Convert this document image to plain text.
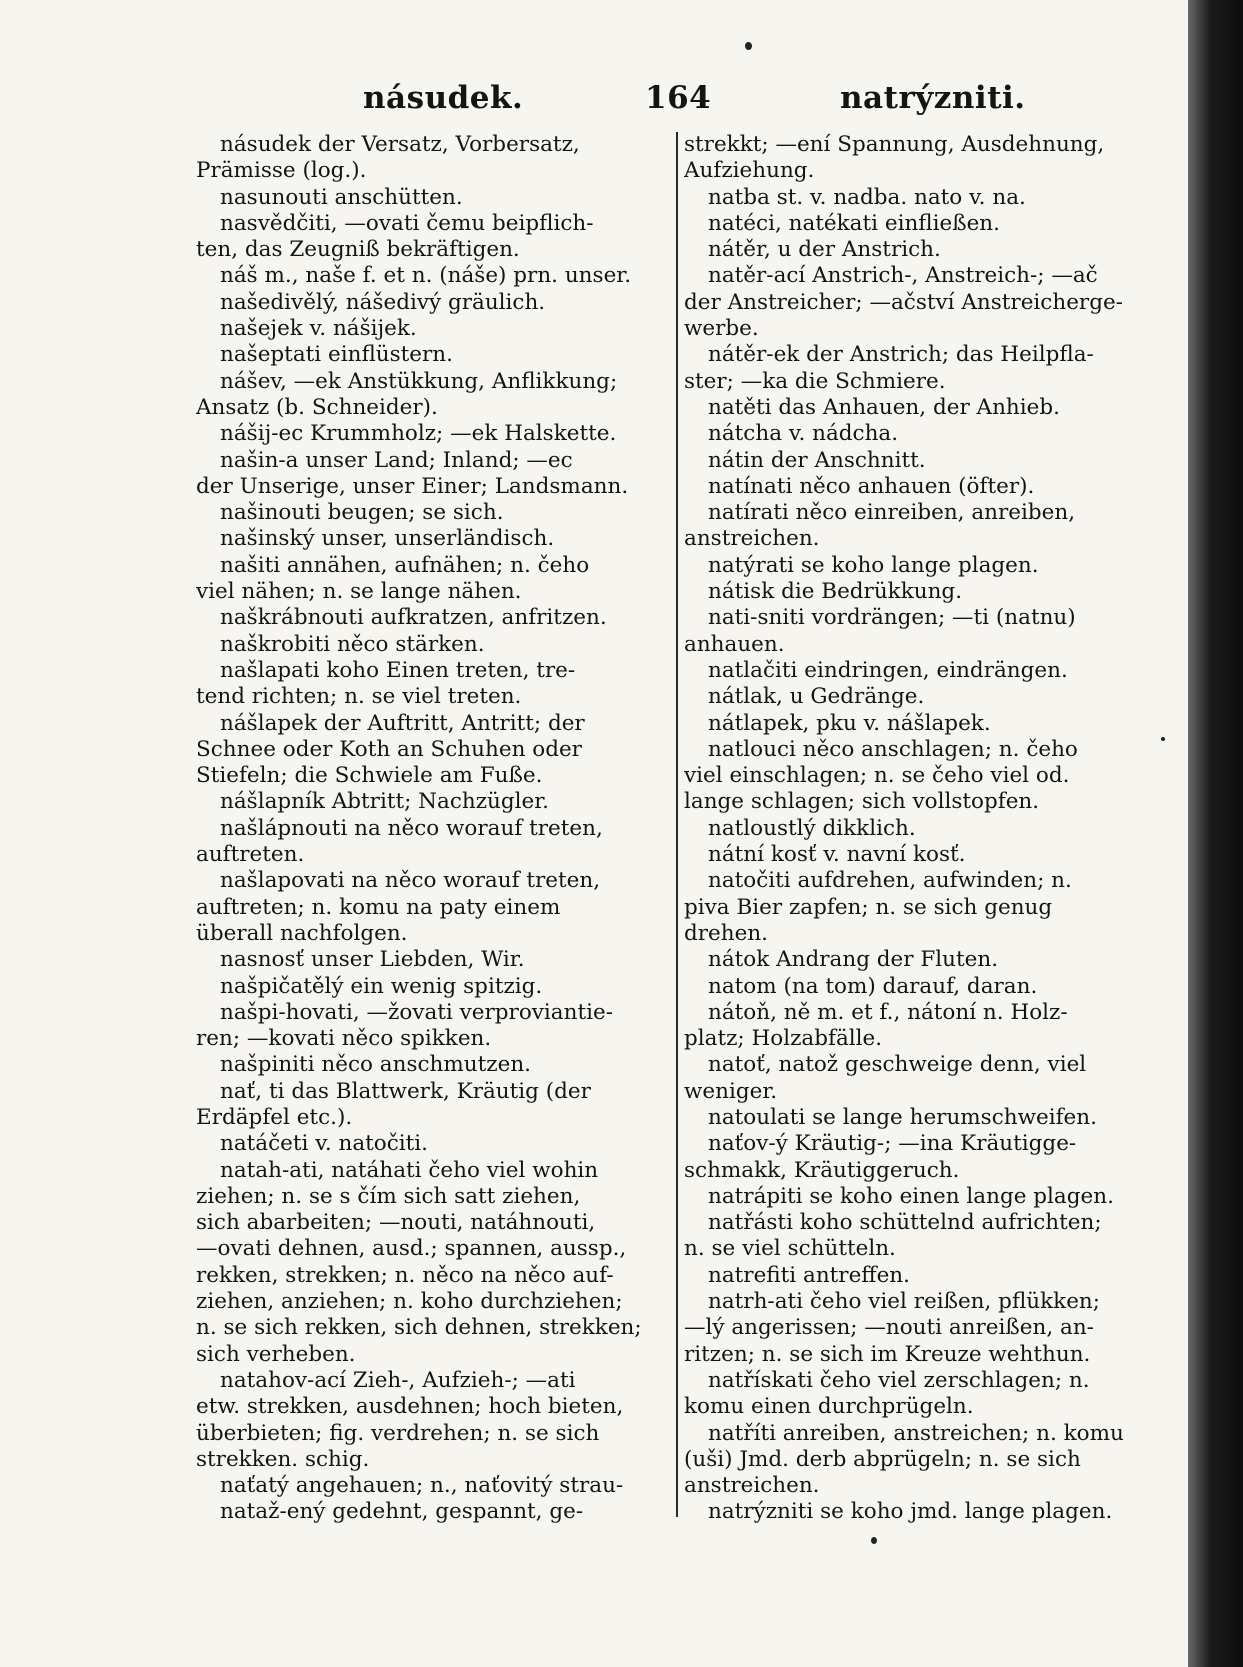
násudek.	164	natrýzniti.
násudek der Versatz, Vorbersatz,
Prämisse (log.).
nasunouti anschütten.
nasvědčiti, —ovati čemu beipflich-
ten, das Zeugniß bekräftigen.
náš m., naše f. et n. (náše) prn. unser.
našedivělý, nášedivý gräulich.
našejek v. nášijek.
našeptati einflüstern.
nášev, —ek Anstükkung, Anflikkung;
Ansatz (b. Schneider).
nášij-ec Krummholz; —ek Halskette.
našin-a unser Land; Inland; —ec
der Unserige, unser Einer; Landsmann.
našinouti beugen; se sich.
našinský unser, unserländisch.
našiti annähen, aufnähen; n. čeho
viel nähen; n. se lange nähen.
naškrábnouti aufkratzen, anfritzen.
naškrobiti něco stärken.
našlapati koho Einen treten, tre-
tend richten; n. se viel treten.
nášlapek der Auftritt, Antritt; der
Schnee oder Koth an Schuhen oder
Stiefeln; die Schwiele am Fuße.
nášlapník Abtritt; Nachzügler.
našlápnouti na něco worauf treten,
auftreten.
našlapovati na něco worauf treten,
auftreten; n. komu na paty einem
überall nachfolgen.
nasnosť unser Liebden, Wir.
našpičatělý ein wenig spitzig.
našpi-hovati, —žovati verproviantie-
ren; —kovati něco spikken.
našpiniti něco anschmutzen.
nať, ti das Blattwerk, Kräutig (der
Erdäpfel etc.).
natáčeti v. natočiti.
natah-ati, natáhati čeho viel wohin
ziehen; n. se s čím sich satt ziehen,
sich abarbeiten; —nouti, natáhnouti,
—ovati dehnen, ausd.; spannen, aussp.,
rekken, strekken; n. něco na něco auf-
ziehen, anziehen; n. koho durchziehen;
n. se sich rekken, sich dehnen, strekken;
sich verheben.
natahov-ací Zieh-, Aufzieh-; —ati
etw. strekken, ausdehnen; hoch bieten,
überbieten; fig. verdrehen; n. se sich
strekken. schig.
naťatý angehauen; n., naťovitý strau-
nataž-ený gedehnt, gespannt, ge-
strekkt; —ení Spannung, Ausdehnung,
Aufziehung.
natba st. v. nadba. nato v. na.
natéci, natékati einfließen.
nátěr, u der Anstrich.
natěr-ací Anstrich-, Anstreich-; —ač
der Anstreicher; —ačství Anstreicherge-
werbe.
nátěr-ek der Anstrich; das Heilpfla-
ster; —ka die Schmiere.
natěti das Anhauen, der Anhieb.
nátcha v. nádcha.
nátin der Anschnitt.
natínati něco anhauen (öfter).
natírati něco einreiben, anreiben,
anstreichen.
natýrati se koho lange plagen.
nátisk die Bedrükkung.
nati-sniti vordrängen; —ti (natnu)
anhauen.
natlačiti eindringen, eindrängen.
nátlak, u Gedränge.
nátlapek, pku v. nášlapek.
natlouci něco anschlagen; n. čeho
viel einschlagen; n. se čeho viel od.
lange schlagen; sich vollstopfen.
natloustlý dikklich.
nátní kosť v. navní kosť.
natočiti aufdrehen, aufwinden; n.
piva Bier zapfen; n. se sich genug
drehen.
nátok Andrang der Fluten.
natom (na tom) darauf, daran.
nátoň, ně m. et f., nátoní n. Holz-
platz; Holzabfälle.
natoť, natož geschweige denn, viel
weniger.
natoulati se lange herumschweifen.
naťov-ý Kräutig-; —ina Kräutigge-
schmakk, Kräutiggeruch.
natrápiti se koho einen lange plagen.
natřásti koho schüttelnd aufrichten;
n. se viel schütteln.
natrefiti antreffen.
natrh-ati čeho viel reißen, pflükken;
—lý angerissen; —nouti anreißen, an-
ritzen; n. se sich im Kreuze wehthun.
natřískati čeho viel zerschlagen; n.
komu einen durchprügeln.
natříti anreiben, anstreichen; n. komu
(uši) Jmd. derb abprügeln; n. se sich
anstreichen.
natrýzniti se koho jmd. lange plagen.
